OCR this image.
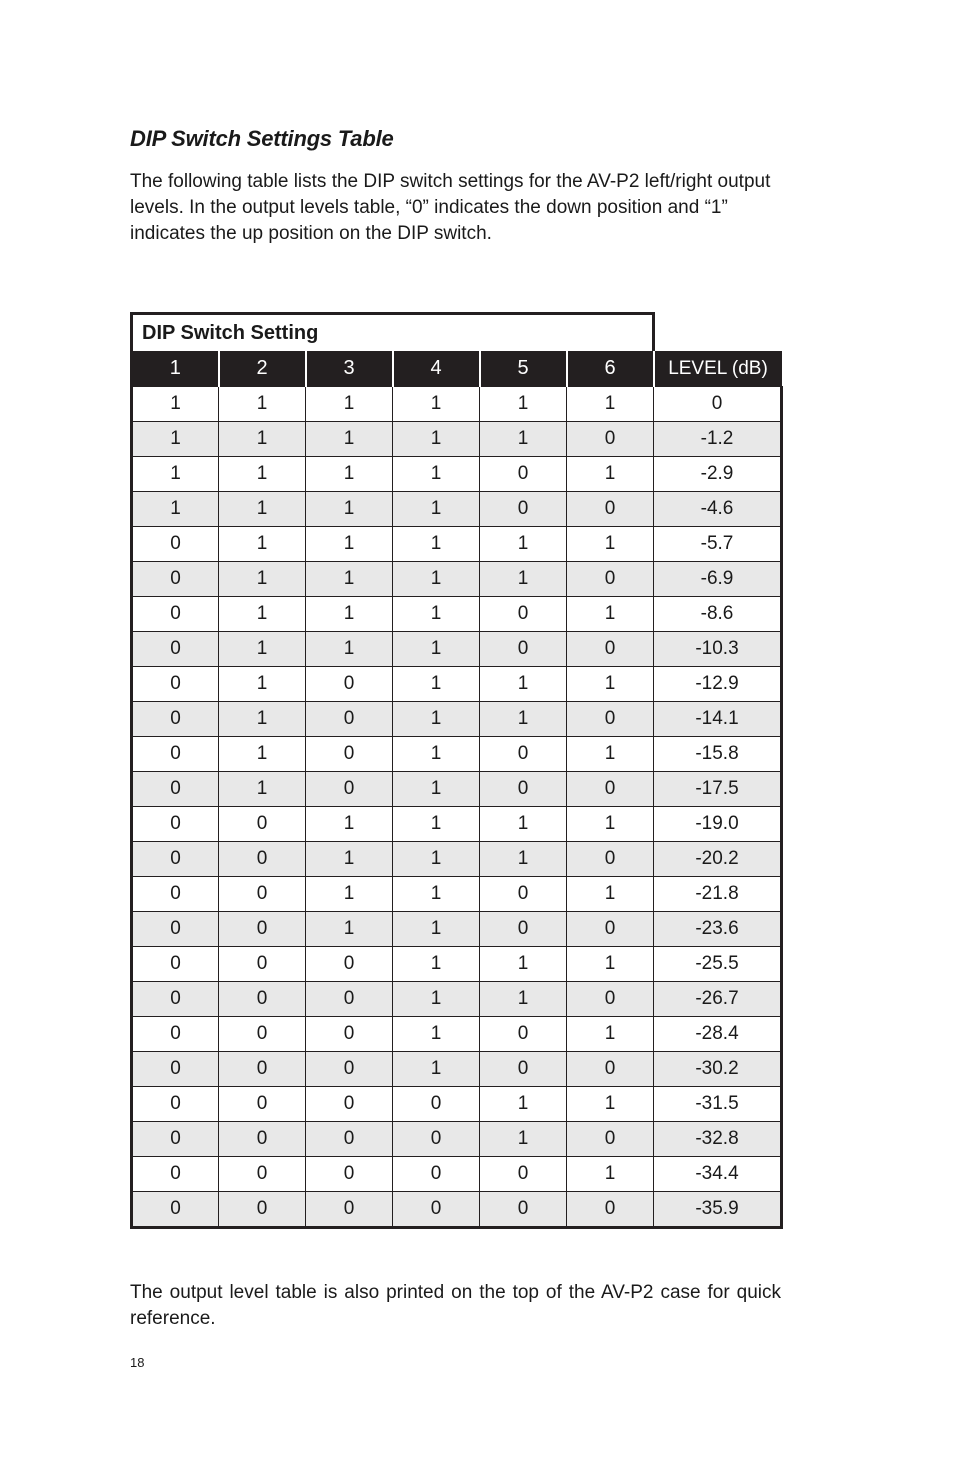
DIP Switch Settings Table

The following table lists the DIP switch settings for the AV-P2 left/right output levels. In the output levels table, “0” indicates the down position and “1” indicates the up position on the DIP switch.

DIP Switch Setting						
1	2	3	4	5	6	LEVEL (dB)
1	1	1	1	1	1	0
1	1	1	1	1	0	-1.2
1	1	1	1	0	1	-2.9
1	1	1	1	0	0	-4.6
0	1	1	1	1	1	-5.7
0	1	1	1	1	0	-6.9
0	1	1	1	0	1	-8.6
0	1	1	1	0	0	-10.3
0	1	0	1	1	1	-12.9
0	1	0	1	1	0	-14.1
0	1	0	1	0	1	-15.8
0	1	0	1	0	0	-17.5
0	0	1	1	1	1	-19.0
0	0	1	1	1	0	-20.2
0	0	1	1	0	1	-21.8
0	0	1	1	0	0	-23.6
0	0	0	1	1	1	-25.5
0	0	0	1	1	0	-26.7
0	0	0	1	0	1	-28.4
0	0	0	1	0	0	-30.2
0	0	0	0	1	1	-31.5
0	0	0	0	1	0	-32.8
0	0	0	0	0	1	-34.4
0	0	0	0	0	0	-35.9

The output level table is also printed on the top of the AV-P2 case for quick reference.

18
